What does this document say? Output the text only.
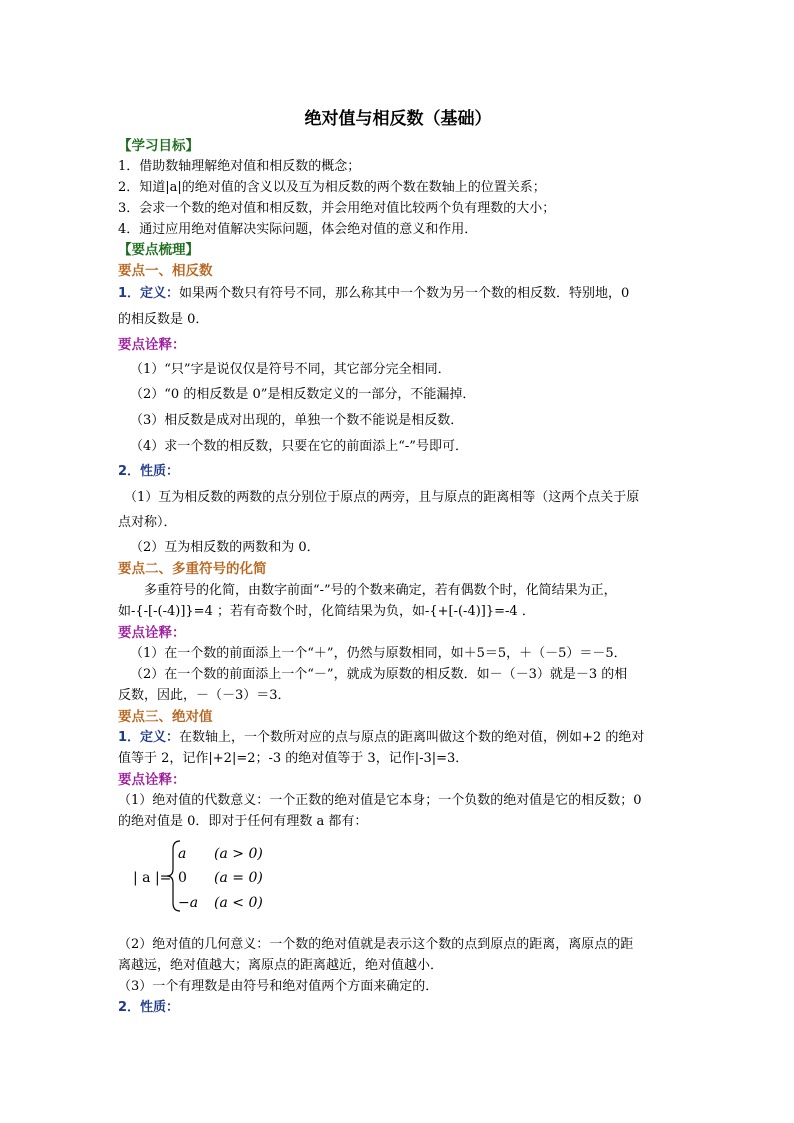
绝对值与相反数（基础）
【学习目标】
1．借助数轴理解绝对值和相反数的概念；
2．知道|a|的绝对值的含义以及互为相反数的两个数在数轴上的位置关系；
3．会求一个数的绝对值和相反数，并会用绝对值比较两个负有理数的大小；
4．通过应用绝对值解决实际问题，体会绝对值的意义和作用．
【要点梳理】
要点一、相反数
1．定义：如果两个数只有符号不同，那么称其中一个数为另一个数的相反数．特别地，0
的相反数是 0．
要点诠释：
（1）“只”字是说仅仅是符号不同，其它部分完全相同．
（2）“0 的相反数是 0”是相反数定义的一部分，不能漏掉．
（3）相反数是成对出现的，单独一个数不能说是相反数．
（4）求一个数的相反数，只要在它的前面添上“-”号即可．
2．性质：
（1）互为相反数的两数的点分别位于原点的两旁，且与原点的距离相等（这两个点关于原
点对称）．
（2）互为相反数的两数和为 0．
要点二、多重符号的化简
多重符号的化简，由数字前面“-”号的个数来确定，若有偶数个时，化简结果为正，
如-{-[-(-4)]}=4 ；若有奇数个时，化简结果为负，如-{+[-(-4)]}=-4 ．
要点诠释：
（1）在一个数的前面添上一个“＋”，仍然与原数相同，如＋5＝5，＋（－5）＝－5．
（2）在一个数的前面添上一个“－”，就成为原数的相反数．如－（－3）就是－3 的相
反数，因此，－（－3）＝3．
要点三、绝对值
1．定义：在数轴上，一个数所对应的点与原点的距离叫做这个数的绝对值，例如+2 的绝对
值等于 2，记作|+2|=2；-3 的绝对值等于 3，记作|-3|=3．
要点诠释：
（1）绝对值的代数意义：一个正数的绝对值是它本身；一个负数的绝对值是它的相反数；0
的绝对值是 0．即对于任何有理数 a 都有：
| a |=
a (a > 0)
0 (a = 0)
−a (a < 0)
（2）绝对值的几何意义：一个数的绝对值就是表示这个数的点到原点的距离，离原点的距
离越远，绝对值越大；离原点的距离越近，绝对值越小．
（3）一个有理数是由符号和绝对值两个方面来确定的．
2．性质：
